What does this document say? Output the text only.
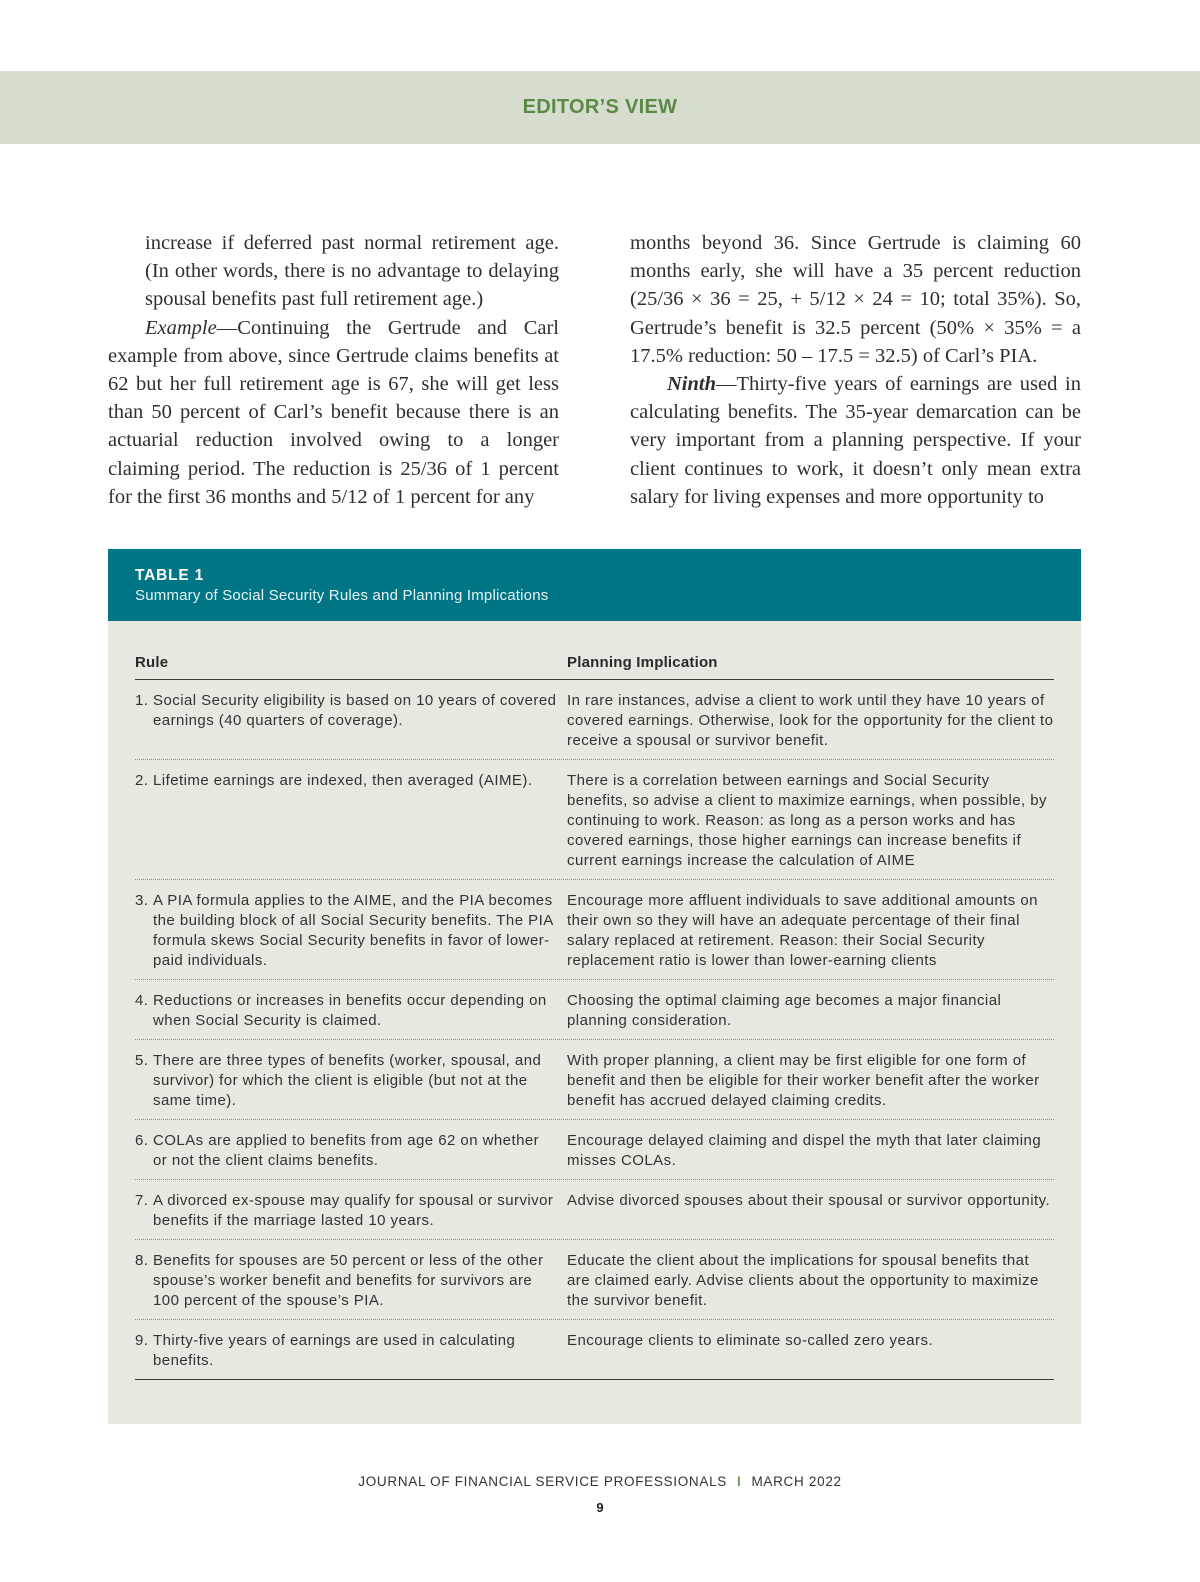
EDITOR’S VIEW

increase if deferred past normal retirement age. (In other words, there is no advantage to delaying spousal benefits past full retirement age.)

Example—Continuing the Gertrude and Carl example from above, since Gertrude claims benefits at 62 but her full retirement age is 67, she will get less than 50 percent of Carl’s benefit because there is an actuarial reduction involved owing to a longer claiming period. The reduction is 25/36 of 1 percent for the first 36 months and 5/12 of 1 percent for any

months beyond 36. Since Gertrude is claiming 60 months early, she will have a 35 percent reduction (25/36 × 36 = 25, + 5/12 × 24 = 10; total 35%). So, Gertrude’s benefit is 32.5 percent (50% × 35% = a 17.5% reduction: 50 – 17.5 = 32.5) of Carl’s PIA.

Ninth—Thirty-five years of earnings are used in calculating benefits. The 35-year demarcation can be very important from a planning perspective. If your client continues to work, it doesn’t only mean extra salary for living expenses and more opportunity to

TABLE 1
Summary of Social Security Rules and Planning Implications
Rule	Planning Implication
1. Social Security eligibility is based on 10 years of covered earnings (40 quarters of coverage).
In rare instances, advise a client to work until they have 10 years of covered earnings. Otherwise, look for the opportunity for the client to receive a spousal or survivor benefit.
2. Lifetime earnings are indexed, then averaged (AIME).	There is a correlation between earnings and Social Security benefits, so advise a client to maximize earnings, when possible, by continuing to work. Reason: as long as a person works and has covered earnings, those higher earnings can increase benefits if current earnings increase the calculation of AIME
3. A PIA formula applies to the AIME, and the PIA becomes the building block of all Social Security benefits. The PIA formula skews Social Security benefits in favor of lower-paid individuals.
Encourage more affluent individuals to save additional amounts on their own so they will have an adequate percentage of their final salary replaced at retirement. Reason: their Social Security replacement ratio is lower than lower-earning clients
4. Reductions or increases in benefits occur depending on when Social Security is claimed.
Choosing the optimal claiming age becomes a major financial planning consideration.
5. There are three types of benefits (worker, spousal, and survivor) for which the client is eligible (but not at the same time).
With proper planning, a client may be first eligible for one form of benefit and then be eligible for their worker benefit after the worker benefit has accrued delayed claiming credits.
6. COLAs are applied to benefits from age 62 on whether or not the client claims benefits.
Encourage delayed claiming and dispel the myth that later claiming misses COLAs.
7. A divorced ex-spouse may qualify for spousal or survivor benefits if the marriage lasted 10 years.
Advise divorced spouses about their spousal or survivor opportunity.
8. Benefits for spouses are 50 percent or less of the other spouse’s worker benefit and benefits for survivors are 100 percent of the spouse’s PIA.
Educate the client about the implications for spousal benefits that are claimed early. Advise clients about the opportunity to maximize the survivor benefit.
9. Thirty-five years of earnings are used in calculating benefits.
Encourage clients to eliminate so-called zero years.
JOURNAL OF FINANCIAL SERVICE PROFESSIONALS I MARCH 2022
9
